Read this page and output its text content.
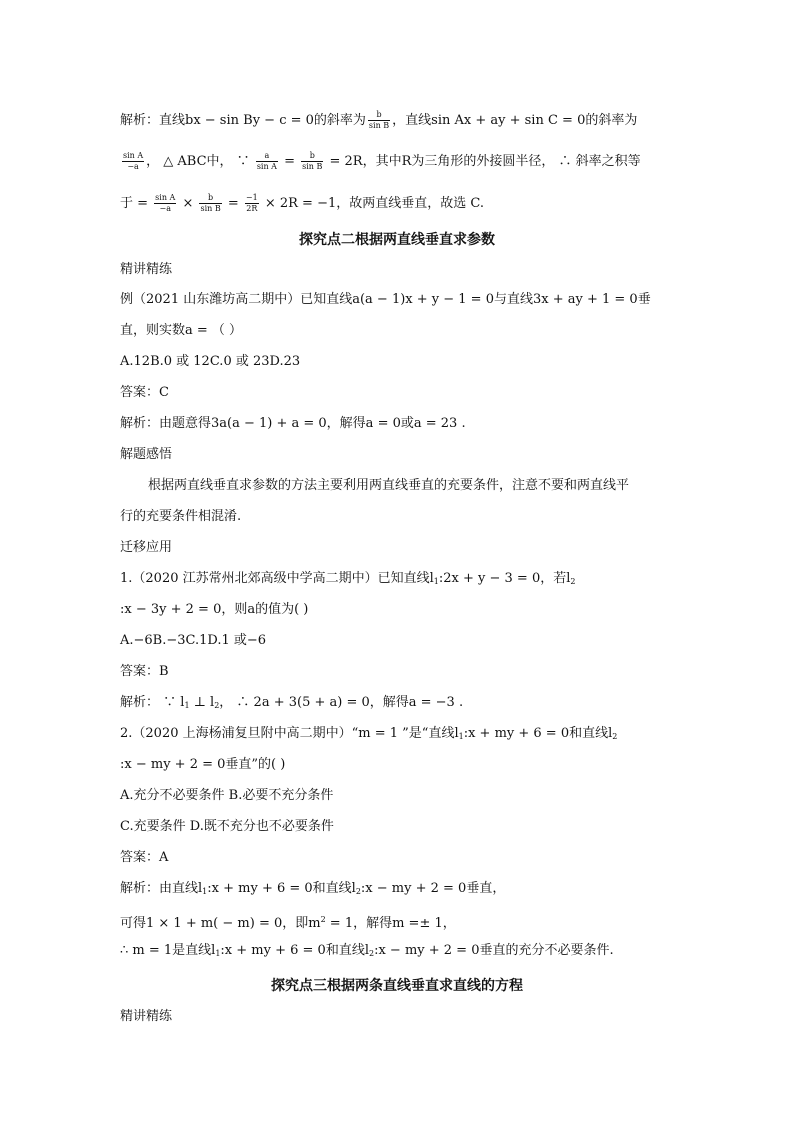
解析：直线bx − sin By − c = 0的斜率为 $\frac{b}{\text{sin B}}$ ，直线sin Ax + ay + sin C = 0的斜率为
$\frac{\text{sin A}}{-a}$ ， △ ABC中， ∵ $\frac{a}{\text{sin A}} = \frac{b}{\text{sin B}} = 2R$，其中R为三角形的外接圆半径， ∴ 斜率之积等
于 = $\frac{\text{sin A}}{-a} \times \frac{b}{\text{sin B}} = \frac{-1}{2R} \times 2R = -1$，故两直线垂直，故选 C.
探究点二根据两直线垂直求参数
精讲精练
例（2021 山东潍坊高二期中）已知直线a(a − 1)x + y − 1 = 0与直线3x + ay + 1 = 0垂
直，则实数a = （ ）
A.12B.0 或 12C.0 或 23D.23
答案：C
解析：由题意得3a(a − 1) + a = 0，解得a = 0或a = 23 .
解题感悟
根据两直线垂直求参数的方法主要利用两直线垂直的充要条件，注意不要和两直线平
行的充要条件相混淆.
迁移应用
1.（2020 江苏常州北郊高级中学高二期中）已知直线$l_1:2x + y - 3 = 0$，若$l_2$
:x − 3y + 2 = 0，则a的值为( )
A.−6B.−3C.1D.1 或−6
答案：B
解析： ∵ $l_1$ ⊥ $l_2$， ∴ 2a + 3(5 + a) = 0，解得a = −3 .
2.（2020 上海杨浦复旦附中高二期中）“m = 1 ”是“直线$l_1:x$ + my + 6 = 0和直线$l_2$
:x − my + 2 = 0垂直”的( )
A.充分不必要条件 B.必要不充分条件
C.充要条件 D.既不充分也不必要条件
答案：A
解析：由直线$l_1:x$ + my + 6 = 0和直线$l_2:x$ − my + 2 = 0垂直，
可得1 × 1 + m( − m) = 0，即$m^2 = 1$，解得m =± 1，
∴ m = 1是直线$l_1:x$ + my + 6 = 0和直线$l_2:x$ − my + 2 = 0垂直的充分不必要条件.
探究点三根据两条直线垂直求直线的方程
精讲精练
